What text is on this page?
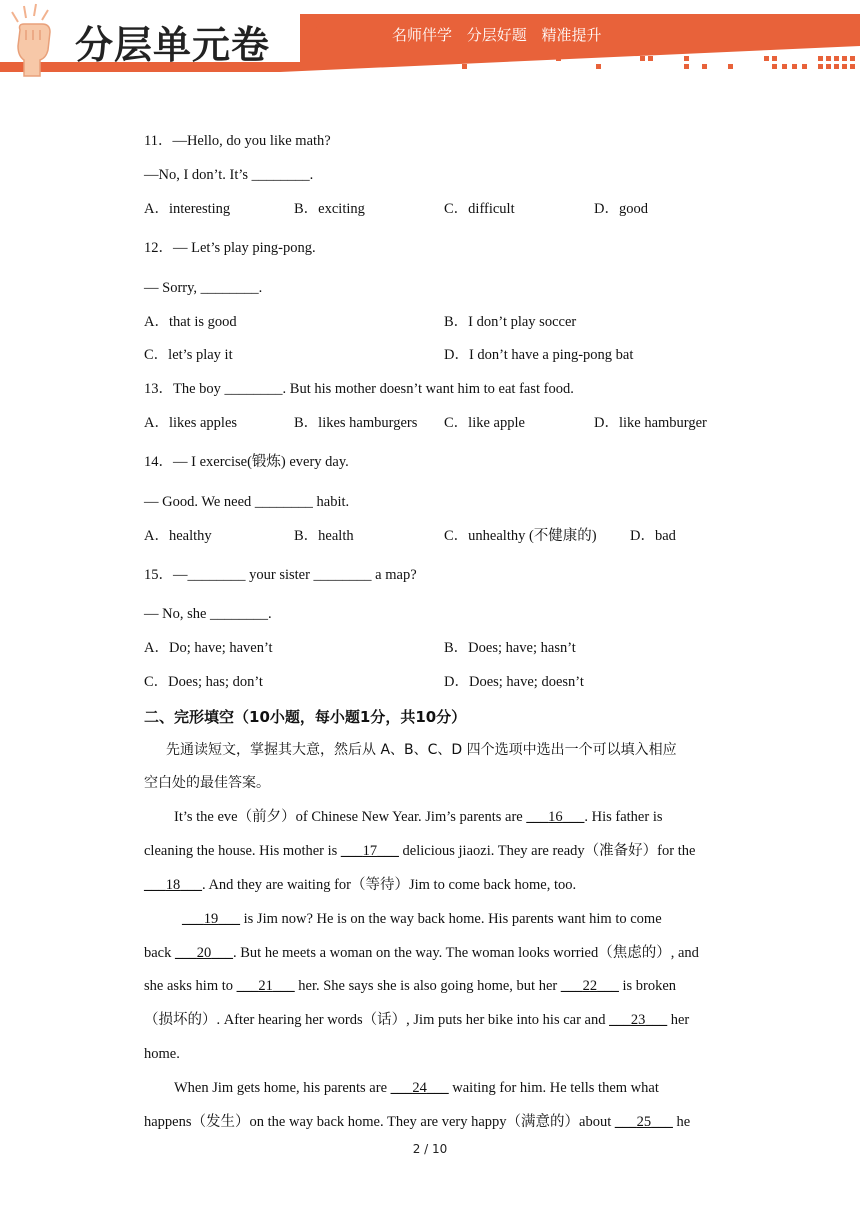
分层单元卷	名师伴学 分层好题 精准提升
11．—Hello, do you like math?
—No, I don’t. It’s ________.
A．interesting	B．exciting	C．difficult	D．good
12．— Let’s play ping-pong.
— Sorry, ________.
A．that is good	B．I don’t play soccer
C．let’s play it	D．I don’t have a ping-pong bat
13．The boy ________. But his mother doesn’t want him to eat fast food.
A．likes apples	B．likes hamburgers C．like apple	D．like hamburger
14．— I exercise(锻炼) every day.
— Good. We need ________ habit.
A．healthy	B．health	C．unhealthy (不健康的) D．bad
15．—________ your sister ________ a map?
— No, she ________.
A．Do; have; haven’t	B．Does; have; hasn’t
C．Does; has; don’t	D．Does; have; doesn’t
二、完形填空（10小题，每小题1分，共10分）
先通读短文，掌握其大意，然后从 A、B、C、D 四个选项中选出一个可以填入相应
空白处的最佳答案。
It’s the eve（前夕）of Chinese New Year. Jim’s parents are ___16___. His father is
cleaning the house. His mother is ___17___ delicious jiaozi. They are ready（准备好）for the
___18___. And they are waiting for（等待）Jim to come back home, too.
___19___ is Jim now? He is on the way back home. His parents want him to come
back ___20___. But he meets a woman on the way. The woman looks worried（焦虑的）, and
she asks him to ___21___ her. She says she is also going home, but her ___22___ is broken
（损坏的）. After hearing her words（话）, Jim puts her bike into his car and ___23___ her
home.
When Jim gets home, his parents are ___24___ waiting for him. He tells them what
happens（发生）on the way back home. They are very happy（满意的）about ___25___ he
2 / 10
